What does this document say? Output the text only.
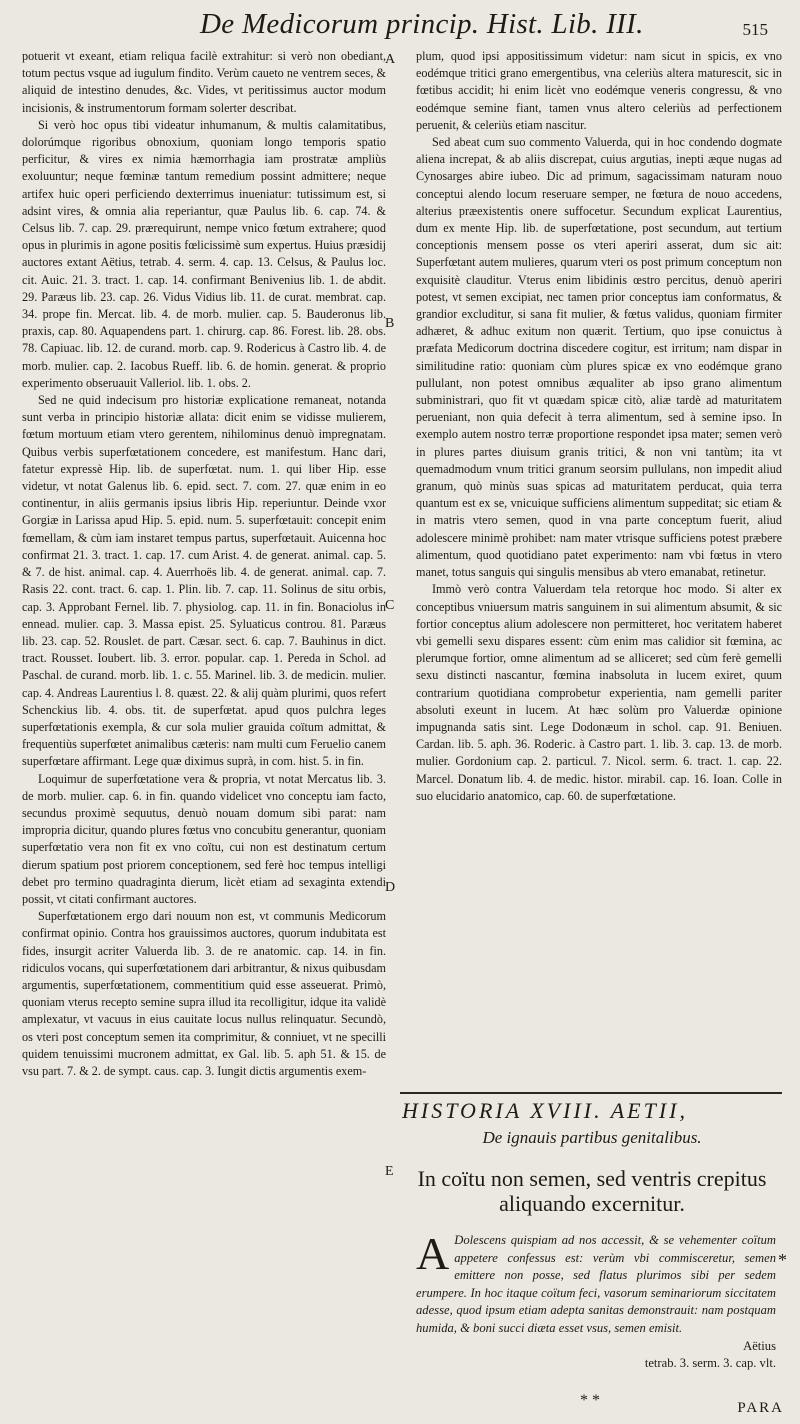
De Medicorum princip. Hist. Lib. III.	515

potuerit vt exeant, etiam reliqua facilè extrahitur: si verò non obediant, totum pectus vsque ad iugulum findito. Verùm caueto ne ventrem seces, & aliquid de intestino denudes, &c. Vides, vt peritissimus auctor modum incisionis, & instrumentorum formam solerter describat.

Si verò hoc opus tibi videatur inhumanum, & multis calamitatibus, dolorúmque rigoribus obnoxium, quoniam longo temporis spatio perficitur, & vires ex nimia hæmorrhagia iam prostratæ ampliùs exoluuntur; neque fœminæ tantum remedium possint admittere; neque artifex huic operi perficiendo dexterrimus inueniatur: tutissimum est, si adsint vires, & omnia alia reperiantur, quæ Paulus lib. 6. cap. 74. & Celsus lib. 7. cap. 29. prærequirunt, nempe vnico fœtum extrahere; quod opus in plurimis in agone positis fœlicissimè sum expertus. Huius præsidij auctores extant Aëtius, tetrab. 4. serm. 4. cap. 13. Celsus, & Paulus loc. cit. Auic. 21. 3. tract. 1. cap. 14. confirmant Benivenius lib. 1. de abdit. 29. Paræus lib. 23. cap. 26. Vidus Vidius lib. 11. de curat. membrat. cap. 34. prope fin. Mercat. lib. 4. de morb. mulier. cap. 5. Bauderonus lib. praxis, cap. 80. Aquapendens part. 1. chirurg. cap. 86. Forest. lib. 28. obs. 78. Capiuac. lib. 12. de curand. morb. cap. 9. Rodericus à Castro lib. 4. de morb. mulier. cap. 2. Iacobus Rueff. lib. 6. de homin. generat. & proprio experimento obseruauit Valleriol. lib. 1. obs. 2.

Sed ne quid indecisum pro historiæ explicatione remaneat, notanda sunt verba in principio historiæ allata: dicit enim se vidisse mulierem, fœtum mortuum etiam vtero gerentem, nihilominus denuò impregnatam. Quibus verbis superfœtationem concedere, est manifestum. Hanc dari, fatetur expressè Hip. lib. de superfœtat. num. 1. qui liber Hip. esse videtur, vt notat Galenus lib. 6. epid. sect. 7. com. 27. quæ enim in eo continentur, in aliis germanis ipsius libris Hip. reperiuntur. Deinde vxor Gorgiæ in Larissa apud Hip. 5. epid. num. 5. superfœtauit: concepit enim fœmellam, & cùm iam instaret tempus partus, superfœtauit. Auicenna hoc confirmat 21. 3. tract. 1. cap. 17. cum Arist. 4. de generat. animal. cap. 5. & 7. de hist. animal. cap. 4. Auerrhoës lib. 4. de generat. animal. cap. 7. Rasis 22. cont. tract. 6. cap. 1. Plin. lib. 7. cap. 11. Solinus de situ orbis, cap. 3. Approbant Fernel. lib. 7. physiolog. cap. 11. in fin. Bonaciolus in ennead. mulier. cap. 3. Massa epist. 25. Syluaticus controu. 81. Paræus lib. 23. cap. 52. Rouslet. de part. Cæsar. sect. 6. cap. 7. Bauhinus in dict. tract. Rousset. Ioubert. lib. 3. error. popular. cap. 1. Pereda in Schol. ad Paschal. de curand. morb. lib. 1. c. 55. Marinel. lib. 3. de medicin. mulier. cap. 4. Andreas Laurentius l. 8. quæst. 22. & alij quàm plurimi, quos refert Schenckius lib. 4. obs. tit. de superfœtat. apud quos pulchra leges superfœtationis exempla, & cur sola mulier grauida coïtum admittat, & frequentiùs superfœtet animalibus cæteris: nam multi cum Feruelio canem superfœtare affirmant. Lege quæ diximus suprà, in com. hist. 5. in fin.

Loquimur de superfœtatione vera & propria, vt notat Mercatus lib. 3. de morb. mulier. cap. 6. in fin. quando videlicet vno conceptu iam facto, secundus proximè sequutus, denuò nouam domum sibi parat: nam impropria dicitur, quando plures fœtus vno concubitu generantur, quoniam superfœtatio vera non fit ex vno coïtu, cui non est destinatum certum dierum spatium post priorem conceptionem, sed ferè hoc tempus intelligi debet pro termino quadraginta dierum, licèt etiam ad sexaginta extendi possit, vt citati confirmant auctores.

Superfœtationem ergo dari nouum non est, vt communis Medicorum confirmat opinio. Contra hos grauissimos auctores, quorum indubitata est fides, insurgit acriter Valuerda lib. 3. de re anatomic. cap. 14. in fin. ridiculos vocans, qui superfœtationem dari arbitrantur, & nixus quibusdam argumentis, superfœtationem, commentitium quid esse asseuerat. Primò, quoniam vterus recepto semine supra illud ita recolligitur, idque ita validè amplexatur, vt vacuus in eius cauitate locus nullus relinquatur. Secundò, os vteri post conceptum semen ita comprimitur, & conniuet, vt ne specilli quidem tenuissimi mucronem admittat, ex Gal. lib. 5. aph 51. & 15. de vsu part. 7. & 2. de sympt. caus. cap. 3. Iungit dictis argumentis exem-

A
B
C
D
E

plum, quod ipsi appositissimum videtur: nam sicut in spicis, ex vno eodémque tritici grano emergentibus, vna celeriùs altera maturescit, sic in fœtibus accidit; hi enim licèt vno eodémque veneris congressu, & vno eodémque semine fiant, tamen vnus altero celeriùs ad perfectionem peruenit, & celeriùs etiam nascitur.

Sed abeat cum suo commento Valuerda, qui in hoc condendo dogmate aliena increpat, & ab aliis discrepat, cuius argutias, inepti æque nugas ad Cynosarges abire iubeo. Dic ad primum, sagacissimam naturam nouo conceptui alendo locum reseruare semper, ne fœtura de nouo accedens, alterius præexistentis onere suffocetur. Secundum explicat Laurentius, dum ex mente Hip. lib. de superfœtatione, post secundum, aut tertium conceptionis mensem posse os vteri aperiri asserat, dum sic ait: Superfœtant autem mulieres, quarum vteri os post primum conceptum non exquisitè clauditur. Vterus enim libidinis œstro percitus, denuò aperiri potest, vt semen excipiat, nec tamen prior conceptus iam conformatus, & grandior excluditur, si sana fit mulier, & fœtus validus, quoniam firmiter adhæret, & adhuc exitum non quærit. Tertium, quo ipse conuictus à præfata Medicorum doctrina discedere cogitur, est irritum; nam dispar in similitudine ratio: quoniam cùm plures spicæ ex vno eodémque grano pullulant, non potest omnibus æqualiter ab ipso grano alimentum subministrari, quo fit vt quædam spicæ citò, aliæ tardè ad maturitatem perueniant, non quia defecit à terra alimentum, sed à semine ipso. In exemplo autem nostro terræ proportione respondet ipsa mater; semen verò in plures partes diuisum granis tritici, & non vni tantùm; ita vt quemadmodum vnum tritici granum seorsim pullulans, non impedit aliud granum, quò minùs suas spicas ad maturitatem perducat, quia terra quantum est ex se, vnicuique sufficiens alimentum suppeditat; sic etiam & in matris vtero semen, quod in vna parte conceptum fuerit, aliud adolescere minimè prohibet: nam mater vtrisque sufficiens potest præbere alimentum, quod quotidiano patet experimento: nam vbi fœtus in vtero manet, totus sanguis qui singulis mensibus ab vtero emanabat, retinetur.

Immò verò contra Valuerdam tela retorque hoc modo. Si alter ex conceptibus vniuersum matris sanguinem in sui alimentum absumit, & sic fortior conceptus alium adolescere non permitteret, hoc veritatem haberet vbi gemelli sexu dispares essent: cùm enim mas calidior sit fœmina, ac plerumque fortior, omne alimentum ad se alliceret; sed cùm ferè gemelli sexu distincti nascantur, fœmina inabsoluta in lucem exiret, quum contrarium quotidiana comprobetur experientia, nam gemelli pariter absoluti exeunt in lucem. At hæc solùm pro Valuerdæ opinione impugnanda satis sint. Lege Dodonæum in schol. cap. 91. Beniuen. Cardan. lib. 5. aph. 36. Roderic. à Castro part. 1. lib. 3. cap. 13. de morb. mulier. Gordonium cap. 2. particul. 7. Nicol. serm. 6. tract. 1. cap. 22. Marcel. Donatum lib. 4. de medic. histor. mirabil. cap. 16. Ioan. Colle in suo elucidario anatomico, cap. 60. de superfœtatione.

HISTORIA XVIII. AETII,
De ignauis partibus genitalibus.
In coïtu non semen, sed ventris crepitus
aliquando excernitur.
A Dolescens quispiam ad nos accessit, & se vehementer coïtum appetere confessus est: verùm vbi commisceretur, semen emittere non posse, sed flatus plurimos sibi per sedem erumpere. In hoc itaque coïtum feci, vasorum seminariorum siccitatem adesse, quod ipsum etiam adepta sanitas demonstrauit: nam postquam humida, & boni succi diæta esset vsus, semen emisit.
Aëtius
tetrab. 3. serm. 3. cap. vlt.
*
* *	PARA
